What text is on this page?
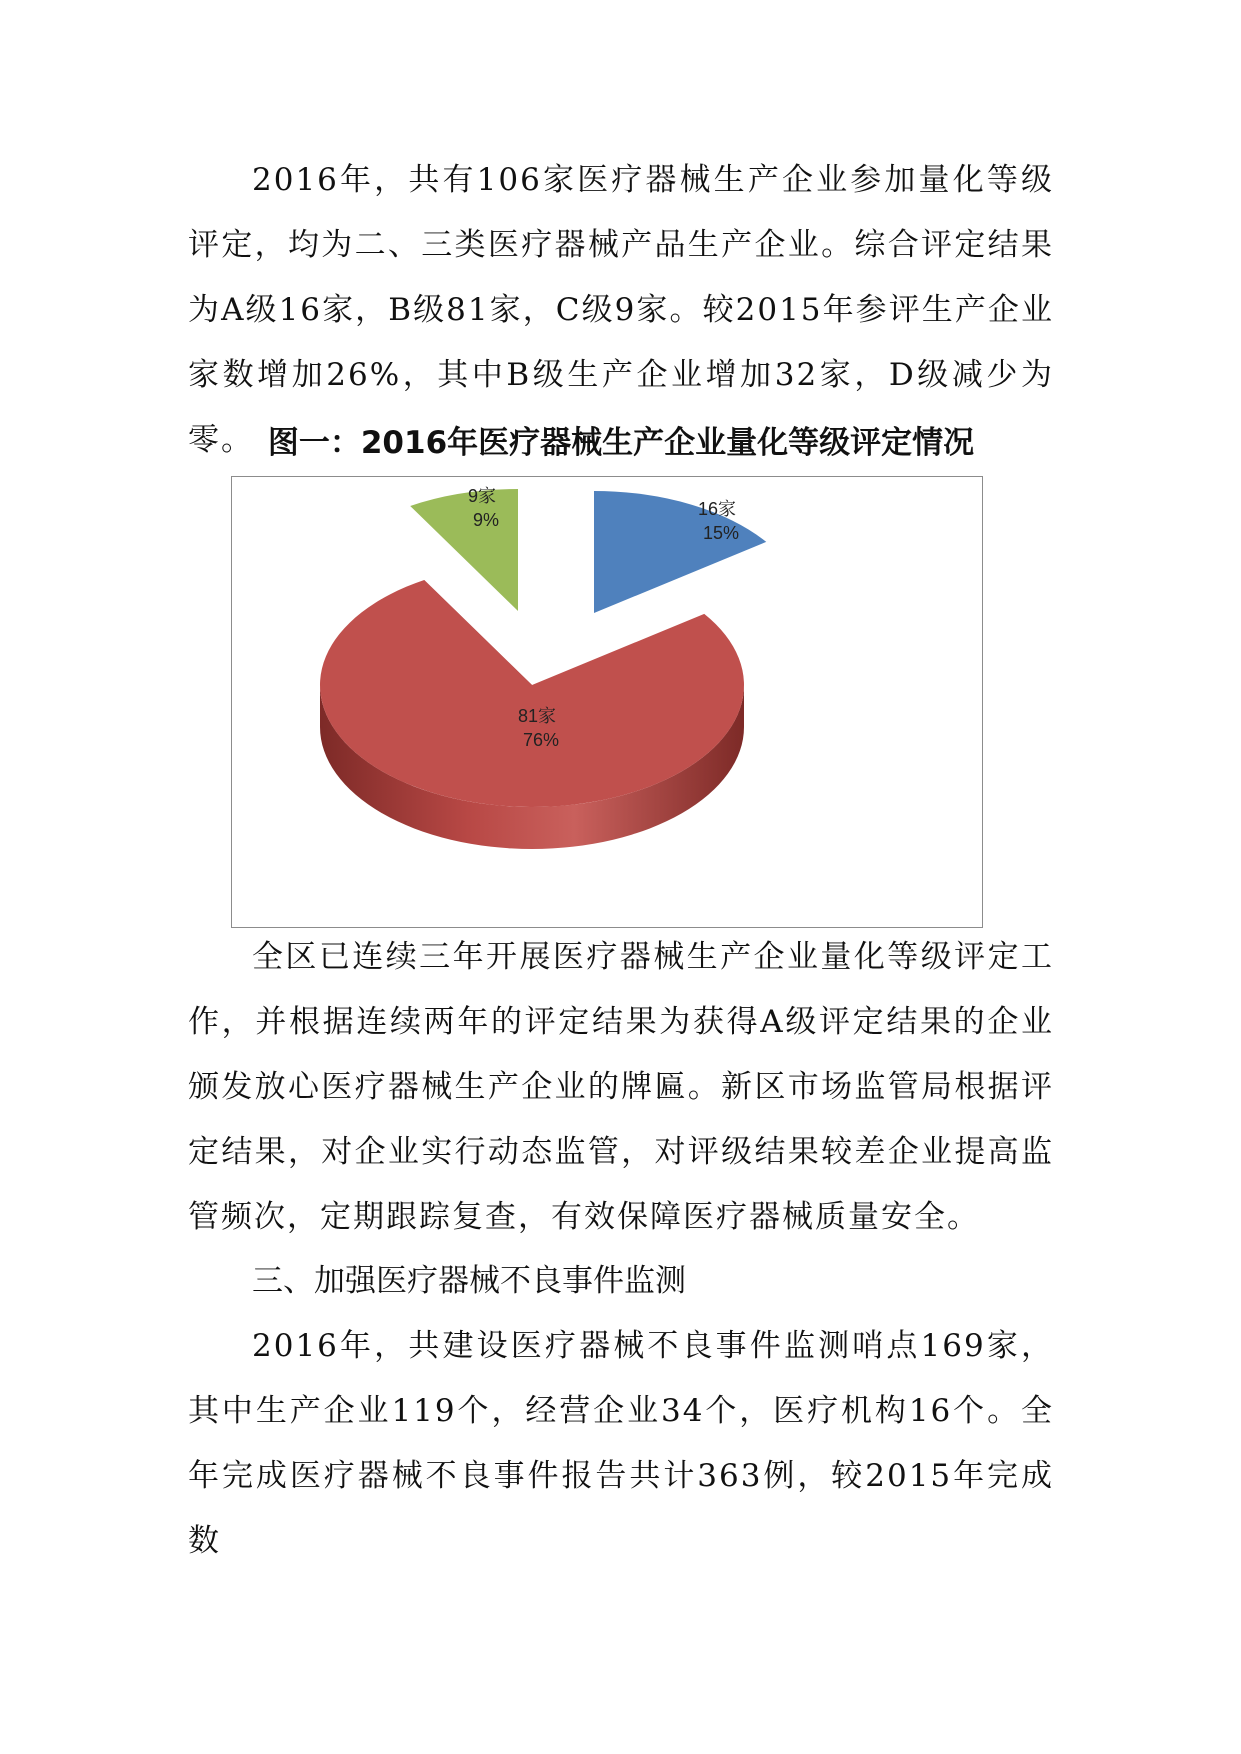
2016年，共有106家医疗器械生产企业参加量化等级评定，均为二、三类医疗器械产品生产企业。综合评定结果为A级16家，B级81家，C级9家。较2015年参评生产企业家数增加26%，其中B级生产企业增加32家，D级减少为零。 图一：2016年医疗器械生产企业量化等级评定情况

16家
15%
81家
76%
9家
9%

全区已连续三年开展医疗器械生产企业量化等级评定工作，并根据连续两年的评定结果为获得A级评定结果的企业颁发放心医疗器械生产企业的牌匾。新区市场监管局根据评定结果，对企业实行动态监管，对评级结果较差企业提高监管频次，定期跟踪复查，有效保障医疗器械质量安全。

三、加强医疗器械不良事件监测

2016年，共建设医疗器械不良事件监测哨点169家，其中生产企业119个，经营企业34个，医疗机构16个。全年完成医疗器械不良事件报告共计363例，较2015年完成数
